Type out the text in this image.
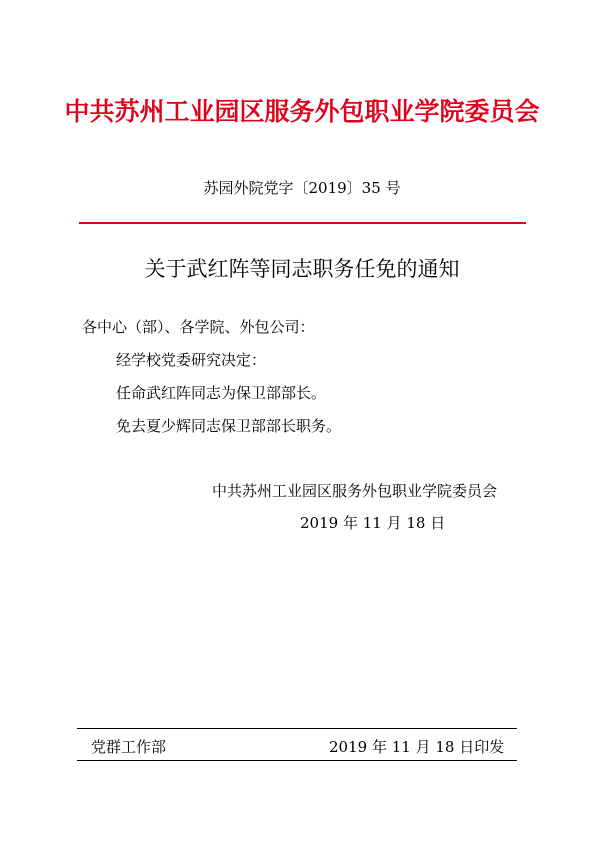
中共苏州工业园区服务外包职业学院委员会
苏园外院党字〔2019〕35 号
关于武红阵等同志职务任免的通知
各中心（部）、各学院、外包公司：
经学校党委研究决定：
任命武红阵同志为保卫部部长。
免去夏少辉同志保卫部部长职务。
中共苏州工业园区服务外包职业学院委员会
2019 年 11 月 18 日
党群工作部	2019 年 11 月 18 日印发
